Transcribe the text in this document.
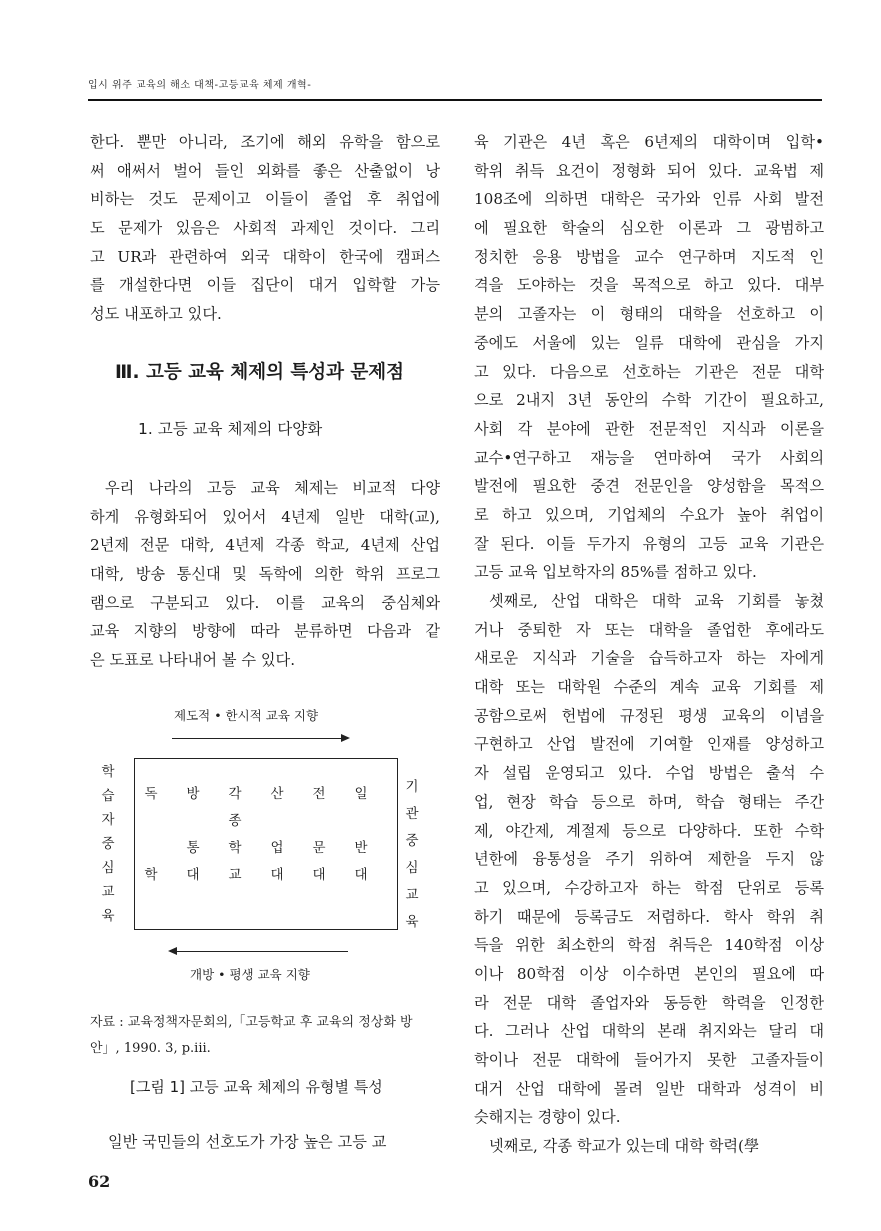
입시 위주 교육의 해소 대책-고등교육 체제 개혁-
한다. 뿐만 아니라, 조기에 해외 유학을 함으로
써 애써서 벌어 들인 외화를 좋은 산출없이 낭
비하는 것도 문제이고 이들이 졸업 후 취업에
도 문제가 있음은 사회적 과제인 것이다. 그리
고 UR과 관련하여 외국 대학이 한국에 캠퍼스
를 개설한다면 이들 집단이 대거 입학할 가능
성도 내포하고 있다.
Ⅲ. 고등 교육 체제의 특성과 문제점
1. 고등 교육 체제의 다양화
우리 나라의 고등 교육 체제는 비교적 다양
하게 유형화되어 있어서 4년제 일반 대학(교),
2년제 전문 대학, 4년제 각종 학교, 4년제 산업
대학, 방송 통신대 및 독학에 의한 학위 프로그
램으로 구분되고 있다. 이를 교육의 중심체와
교육 지향의 방향에 따라 분류하면 다음과 같
은 도표로 나타내어 볼 수 있다.
제도적 • 한시적 교육 지향
학
습
자
중
심
교
육
독
학
방
통
대
각
종
학
교
산
업
대
전
문
대
일
반
대
기
관
중
심
교
육
개방 • 평생 교육 지향
자료 : 교육정책자문회의,「고등학교 후 교육의 정상화 방안」, 1990. 3, p.iii.
[그림 1] 고등 교육 체제의 유형별 특성
일반 국민들의 선호도가 가장 높은 고등 교
육 기관은 4년 혹은 6년제의 대학이며 입학•
학위 취득 요건이 정형화 되어 있다. 교육법 제
108조에 의하면 대학은 국가와 인류 사회 발전
에 필요한 학술의 심오한 이론과 그 광범하고
정치한 응용 방법을 교수 연구하며 지도적 인
격을 도야하는 것을 목적으로 하고 있다. 대부
분의 고졸자는 이 형태의 대학을 선호하고 이
중에도 서울에 있는 일류 대학에 관심을 가지
고 있다. 다음으로 선호하는 기관은 전문 대학
으로 2내지 3년 동안의 수학 기간이 필요하고,
사회 각 분야에 관한 전문적인 지식과 이론을
교수•연구하고 재능을 연마하여 국가 사회의
발전에 필요한 중견 전문인을 양성함을 목적으
로 하고 있으며, 기업체의 수요가 높아 취업이
잘 된다. 이들 두가지 유형의 고등 교육 기관은
고등 교육 입보학자의 85%를 점하고 있다.
셋째로, 산업 대학은 대학 교육 기회를 놓쳤
거나 중퇴한 자 또는 대학을 졸업한 후에라도
새로운 지식과 기술을 습득하고자 하는 자에게
대학 또는 대학원 수준의 계속 교육 기회를 제
공함으로써 헌법에 규정된 평생 교육의 이념을
구현하고 산업 발전에 기여할 인재를 양성하고
자 설립 운영되고 있다. 수업 방법은 출석 수
업, 현장 학습 등으로 하며, 학습 형태는 주간
제, 야간제, 계절제 등으로 다양하다. 또한 수학
년한에 융통성을 주기 위하여 제한을 두지 않
고 있으며, 수강하고자 하는 학점 단위로 등록
하기 때문에 등록금도 저렴하다. 학사 학위 취
득을 위한 최소한의 학점 취득은 140학점 이상
이나 80학점 이상 이수하면 본인의 필요에 따
라 전문 대학 졸업자와 동등한 학력을 인정한
다. 그러나 산업 대학의 본래 취지와는 달리 대
학이나 전문 대학에 들어가지 못한 고졸자들이
대거 산업 대학에 몰려 일반 대학과 성격이 비
슷해지는 경향이 있다.
넷째로, 각종 학교가 있는데 대학 학력(學
62
